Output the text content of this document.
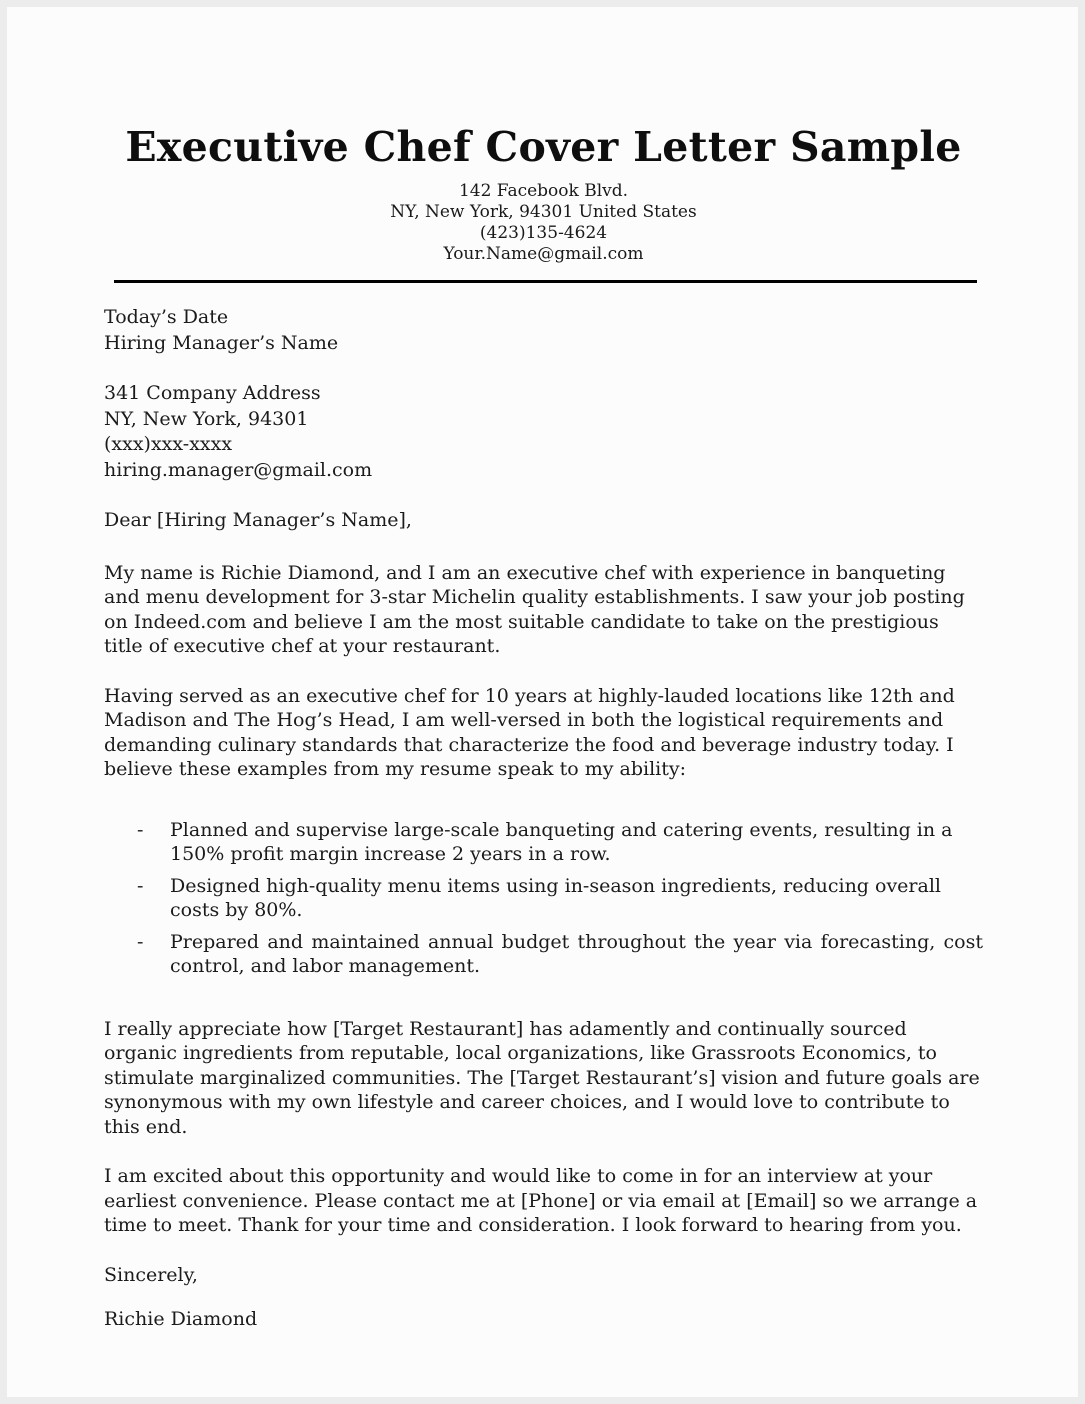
Executive Chef Cover Letter Sample
142 Facebook Blvd.
NY, New York, 94301 United States
(423)135-4624
Your.Name@gmail.com
Today’s Date
Hiring Manager’s Name
341 Company Address
NY, New York, 94301
(xxx)xxx-xxxx
hiring.manager@gmail.com

Dear [Hiring Manager’s Name],

My name is Richie Diamond, and I am an executive chef with experience in banqueting and menu development for 3-star Michelin quality establishments. I saw your job posting on Indeed.com and believe I am the most suitable candidate to take on the prestigious title of executive chef at your restaurant.

Having served as an executive chef for 10 years at highly-lauded locations like 12th and Madison and The Hog’s Head, I am well-versed in both the logistical requirements and demanding culinary standards that characterize the food and beverage industry today. I believe these examples from my resume speak to my ability:

-	Planned and supervise large-scale banqueting and catering events, resulting in a 150% profit margin increase 2 years in a row.
-	Designed high-quality menu items using in-season ingredients, reducing overall costs by 80%.
-	Prepared and maintained annual budget throughout the year via forecasting, cost control, and labor management.

I really appreciate how [Target Restaurant] has adamently and continually sourced organic ingredients from reputable, local organizations, like Grassroots Economics, to stimulate marginalized communities. The [Target Restaurant’s] vision and future goals are synonymous with my own lifestyle and career choices, and I would love to contribute to this end.

I am excited about this opportunity and would like to come in for an interview at your earliest convenience. Please contact me at [Phone] or via email at [Email] so we arrange a time to meet. Thank for your time and consideration. I look forward to hearing from you.

Sincerely,

Richie Diamond
